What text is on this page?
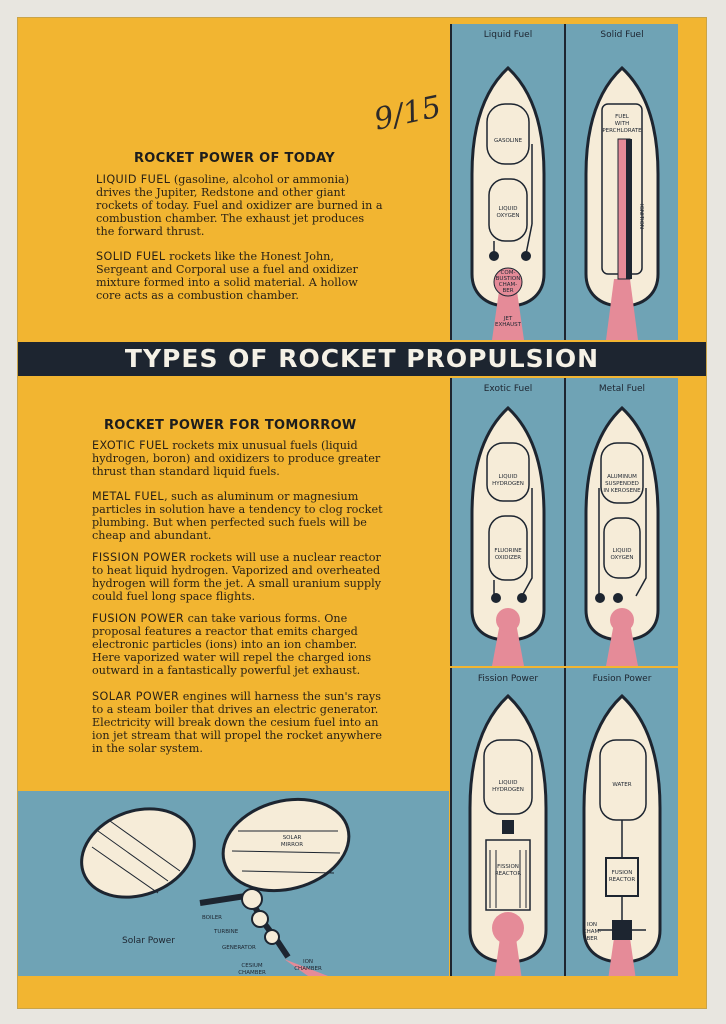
9/15
ROCKET POWER OF TODAY
LIQUID FUEL (gasoline, alcohol or ammonia) drives the Jupiter, Redstone and other giant rockets of today. Fuel and oxidizer are burned in a combustion chamber. The exhaust jet produces the forward thrust.
SOLID FUEL rockets like the Honest John, Sergeant and Corporal use a fuel and oxidizer mixture formed into a solid material. A hollow core acts as a combustion chamber.
TYPES OF ROCKET PROPULSION
ROCKET POWER FOR TOMORROW
EXOTIC FUEL rockets mix unusual fuels (liquid hydrogen, boron) and oxidizers to produce greater thrust than standard liquid fuels.
METAL FUEL, such as aluminum or magnesium particles in solution have a tendency to clog rocket plumbing. But when perfected such fuels will be cheap and abundant.
FISSION POWER rockets will use a nuclear reactor to heat liquid hydrogen. Vaporized and overheated hydrogen will form the jet. A small uranium supply could fuel long space flights.
FUSION POWER can take various forms. One proposal features a reactor that emits charged electronic particles (ions) into an ion chamber. Here vaporized water will repel the charged ions outward in a fantastically powerful jet exhaust.
SOLAR POWER engines will harness the sun's rays to a steam boiler that drives an electric generator. Electricity will break down the cesium fuel into an ion jet stream that will propel the rocket anywhere in the solar system.
Liquid Fuel
GASOLINE
LIQUID
OXYGEN
COM-
BUSTION
CHAM-
BER
JET
EXHAUST
Solid Fuel
FUEL
WITH
PERCHLORATE
IGNITION
Exotic Fuel
LIQUID
HYDROGEN
FLUORINE
OXIDIZER
Metal Fuel
ALUMINUM
SUSPENDED
IN KEROSENE
LIQUID
OXYGEN
Fission Power
LIQUID
HYDROGEN
FISSION
REACTOR
Fusion Power
WATER
FUSION
REACTOR
ION
CHAM-
BER
SOLAR
MIRROR
BOILER
TURBINE
GENERATOR
CESIUM
CHAMBER
ION
CHAMBER
Solar Power
